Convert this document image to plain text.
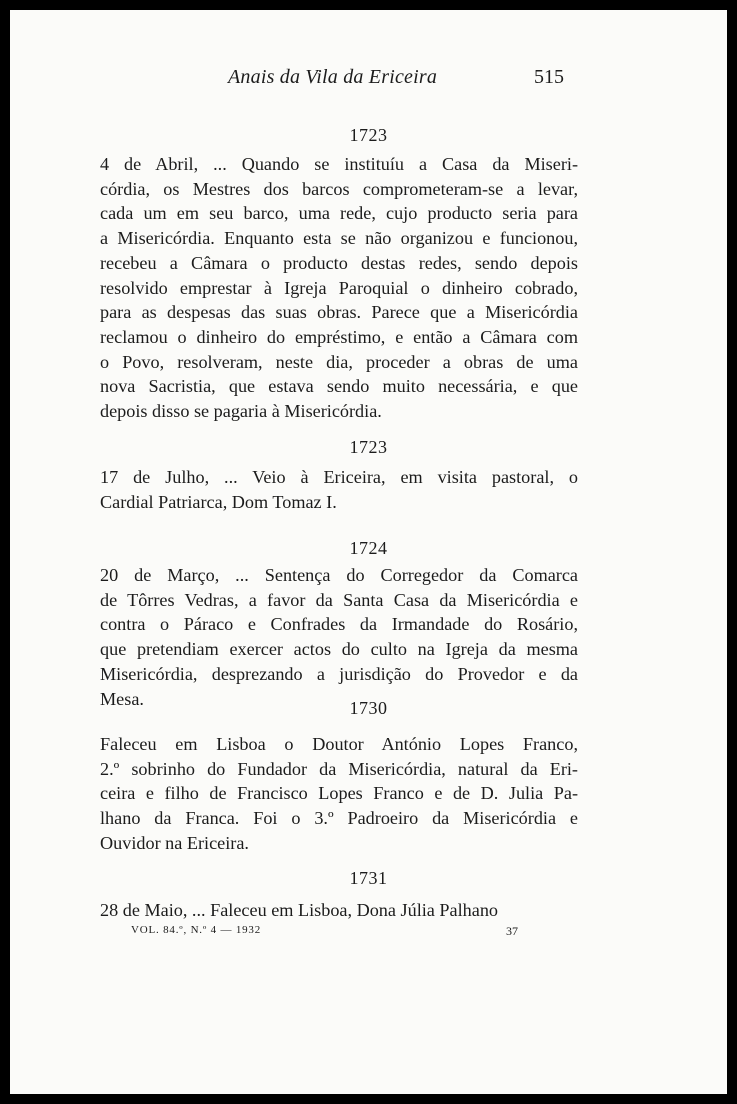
Anais da Vila da Ericeira	515
1723

4 de Abril, ... Quando se instituíu a Casa da Miseri-
córdia, os Mestres dos barcos comprometeram-se a levar,
cada um em seu barco, uma rede, cujo producto seria para
a Misericórdia. Enquanto esta se não organizou e funcionou,
recebeu a Câmara o producto destas redes, sendo depois
resolvido emprestar à Igreja Paroquial o dinheiro cobrado,
para as despesas das suas obras. Parece que a Misericórdia
reclamou o dinheiro do empréstimo, e então a Câmara com
o Povo, resolveram, neste dia, proceder a obras de uma
nova Sacristia, que estava sendo muito necessária, e que
depois disso se pagaria à Misericórdia.

1723

17 de Julho, ... Veio à Ericeira, em visita pastoral, o
Cardial Patriarca, Dom Tomaz I.

1724

20 de Março, ... Sentença do Corregedor da Comarca
de Tôrres Vedras, a favor da Santa Casa da Misericórdia e
contra o Páraco e Confrades da Irmandade do Rosário,
que pretendiam exercer actos do culto na Igreja da mesma
Misericórdia, desprezando a jurisdição do Provedor e da
Mesa.	1730

Faleceu em Lisboa o Doutor António Lopes Franco,
2.º sobrinho do Fundador da Misericórdia, natural da Eri-
ceira e filho de Francisco Lopes Franco e de D. Julia Pa-
lhano da Franca. Foi o 3.º Padroeiro da Misericórdia e
Ouvidor na Ericeira.

1731

28 de Maio, ... Faleceu em Lisboa, Dona Júlia Palhano

VOL. 84.º, N.º 4 — 1932	37
